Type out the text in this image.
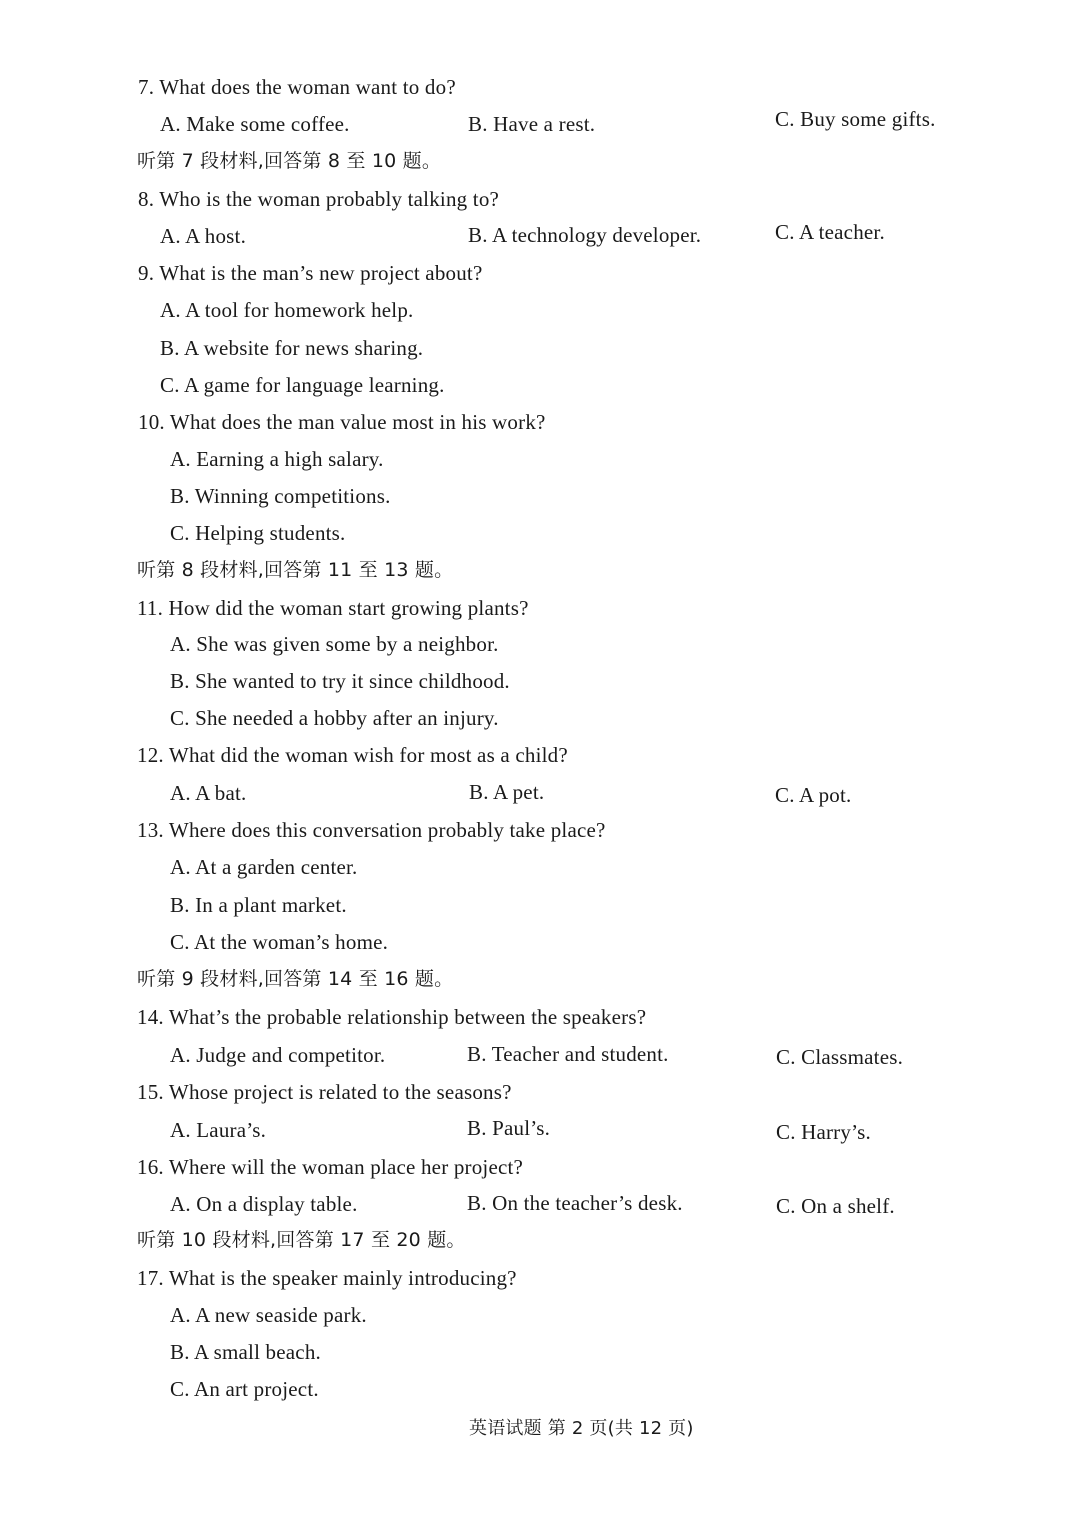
7. What does the woman want to do?
A. Make some coffee.	B. Have a rest.	C. Buy some gifts.
听第 7 段材料,回答第 8 至 10 题。
8. Who is the woman probably talking to?
A. A host.	B. A technology developer.	C. A teacher.
9. What is the man’s new project about?
A. A tool for homework help.
B. A website for news sharing.
C. A game for language learning.
10. What does the man value most in his work?
A. Earning a high salary.
B. Winning competitions.
C. Helping students.
听第 8 段材料,回答第 11 至 13 题。
11. How did the woman start growing plants?
A. She was given some by a neighbor.
B. She wanted to try it since childhood.
C. She needed a hobby after an injury.
12. What did the woman wish for most as a child?
A. A bat.	B. A pet.	C. A pot.
13. Where does this conversation probably take place?
A. At a garden center.
B. In a plant market.
C. At the woman’s home.
听第 9 段材料,回答第 14 至 16 题。
14. What’s the probable relationship between the speakers?
A. Judge and competitor.	B. Teacher and student.	C. Classmates.
15. Whose project is related to the seasons?
A. Laura’s.	B. Paul’s.	C. Harry’s.
16. Where will the woman place her project?
A. On a display table.	B. On the teacher’s desk.	C. On a shelf.
听第 10 段材料,回答第 17 至 20 题。
17. What is the speaker mainly introducing?
A. A new seaside park.
B. A small beach.
C. An art project.
英语试题 第 2 页(共 12 页)
